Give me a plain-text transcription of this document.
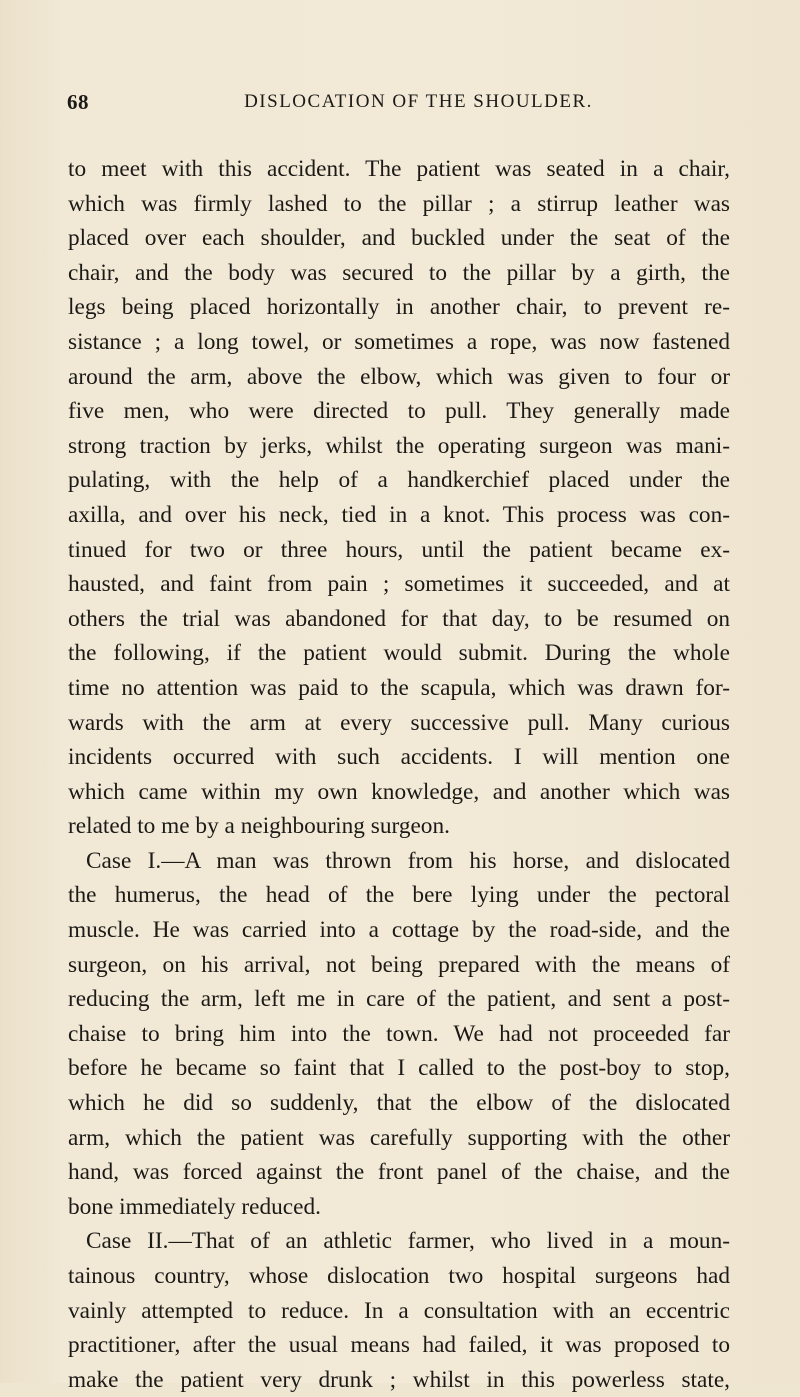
68	DISLOCATION OF THE SHOULDER.
to meet with this accident. The patient was seated in a chair,
which was firmly lashed to the pillar ; a stirrup leather was
placed over each shoulder, and buckled under the seat of the
chair, and the body was secured to the pillar by a girth, the
legs being placed horizontally in another chair, to prevent re-
sistance ; a long towel, or sometimes a rope, was now fastened
around the arm, above the elbow, which was given to four or
five men, who were directed to pull. They generally made
strong traction by jerks, whilst the operating surgeon was mani-
pulating, with the help of a handkerchief placed under the
axilla, and over his neck, tied in a knot. This process was con-
tinued for two or three hours, until the patient became ex-
hausted, and faint from pain ; sometimes it succeeded, and at
others the trial was abandoned for that day, to be resumed on
the following, if the patient would submit. During the whole
time no attention was paid to the scapula, which was drawn for-
wards with the arm at every successive pull. Many curious
incidents occurred with such accidents. I will mention one
which came within my own knowledge, and another which was
related to me by a neighbouring surgeon.
Case I.—A man was thrown from his horse, and dislocated
the humerus, the head of the bere lying under the pectoral
muscle. He was carried into a cottage by the road-side, and the
surgeon, on his arrival, not being prepared with the means of
reducing the arm, left me in care of the patient, and sent a post-
chaise to bring him into the town. We had not proceeded far
before he became so faint that I called to the post-boy to stop,
which he did so suddenly, that the elbow of the dislocated
arm, which the patient was carefully supporting with the other
hand, was forced against the front panel of the chaise, and the
bone immediately reduced.
Case II.—That of an athletic farmer, who lived in a moun-
tainous country, whose dislocation two hospital surgeons had
vainly attempted to reduce. In a consultation with an eccentric
practitioner, after the usual means had failed, it was proposed to
make the patient very drunk ; whilst in this powerless state,
